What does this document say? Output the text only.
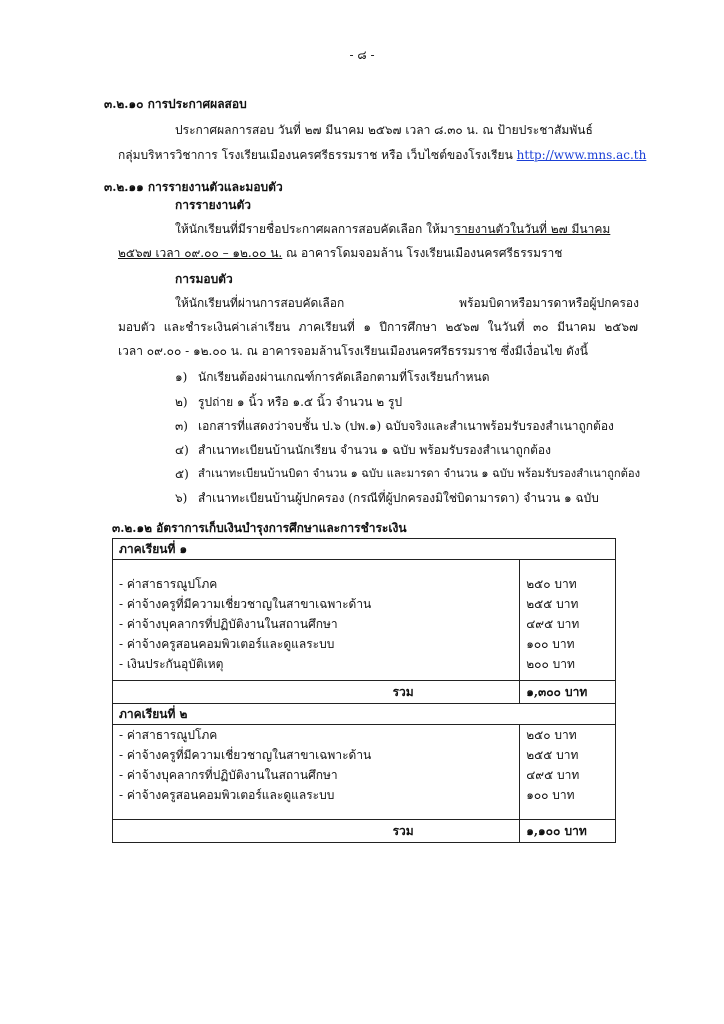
- ๘ -
๓.๒.๑๐ การประกาศผลสอบ
ประกาศผลการสอบ วันที่ ๒๗ มีนาคม ๒๕๖๗ เวลา ๘.๓๐ น. ณ ป้ายประชาสัมพันธ์
กลุ่มบริหารวิชาการ โรงเรียนเมืองนครศรีธรรมราช หรือ เว็บไซต์ของโรงเรียน http://www.mns.ac.th
๓.๒.๑๑ การรายงานตัวและมอบตัว
การรายงานตัว
ให้นักเรียนที่มีรายชื่อประกาศผลการสอบคัดเลือก ให้มารายงานตัวในวันที่ ๒๗ มีนาคม
๒๕๖๗ เวลา ๐๙.๐๐ – ๑๒.๐๐ น. ณ อาคารโดมจอมล้าน โรงเรียนเมืองนครศรีธรรมราช
การมอบตัว
ให้นักเรียนที่ผ่านการสอบคัดเลือก พร้อมบิดาหรือมารดาหรือผู้ปกครอง
มอบตัว และชำระเงินค่าเล่าเรียน ภาคเรียนที่ ๑ ปีการศึกษา ๒๕๖๗ ในวันที่ ๓๐ มีนาคม ๒๕๖๗
เวลา ๐๙.๐๐ - ๑๒.๐๐ น. ณ อาคารจอมล้านโรงเรียนเมืองนครศรีธรรมราช ซึ่งมีเงื่อนไข ดังนี้
๑) นักเรียนต้องผ่านเกณฑ์การคัดเลือกตามที่โรงเรียนกำหนด
๒) รูปถ่าย ๑ นิ้ว หรือ ๑.๕ นิ้ว จำนวน ๒ รูป
๓) เอกสารที่แสดงว่าจบชั้น ป.๖ (ปพ.๑) ฉบับจริงและสำเนาพร้อมรับรองสำเนาถูกต้อง
๔) สำเนาทะเบียนบ้านนักเรียน จำนวน ๑ ฉบับ พร้อมรับรองสำเนาถูกต้อง
๕) สำเนาทะเบียนบ้านบิดา จำนวน ๑ ฉบับ และมารดา จำนวน ๑ ฉบับ พร้อมรับรองสำเนาถูกต้อง
๖) สำเนาทะเบียนบ้านผู้ปกครอง (กรณีที่ผู้ปกครองมิใช่บิดามารดา) จำนวน ๑ ฉบับ
๓.๒.๑๒ อัตราการเก็บเงินบำรุงการศึกษาและการชำระเงิน
ภาคเรียนที่ ๑	

- ค่าสาธารณูปโภค	๒๕๐ บาท
- ค่าจ้างครูที่มีความเชี่ยวชาญในสาขาเฉพาะด้าน	๒๕๕ บาท
- ค่าจ้างบุคลากรที่ปฏิบัติงานในสถานศึกษา	๔๙๕ บาท
- ค่าจ้างครูสอนคอมพิวเตอร์และดูแลระบบ	๑๐๐ บาท
- เงินประกันอุบัติเหตุ	๒๐๐ บาท
รวม	๑,๓๐๐ บาท
ภาคเรียนที่ ๒	
- ค่าสาธารณูปโภค	๒๕๐ บาท
- ค่าจ้างครูที่มีความเชี่ยวชาญในสาขาเฉพาะด้าน	๒๕๕ บาท
- ค่าจ้างบุคลากรที่ปฏิบัติงานในสถานศึกษา	๔๙๕ บาท
- ค่าจ้างครูสอนคอมพิวเตอร์และดูแลระบบ	๑๐๐ บาท

รวม	๑,๑๐๐ บาท
